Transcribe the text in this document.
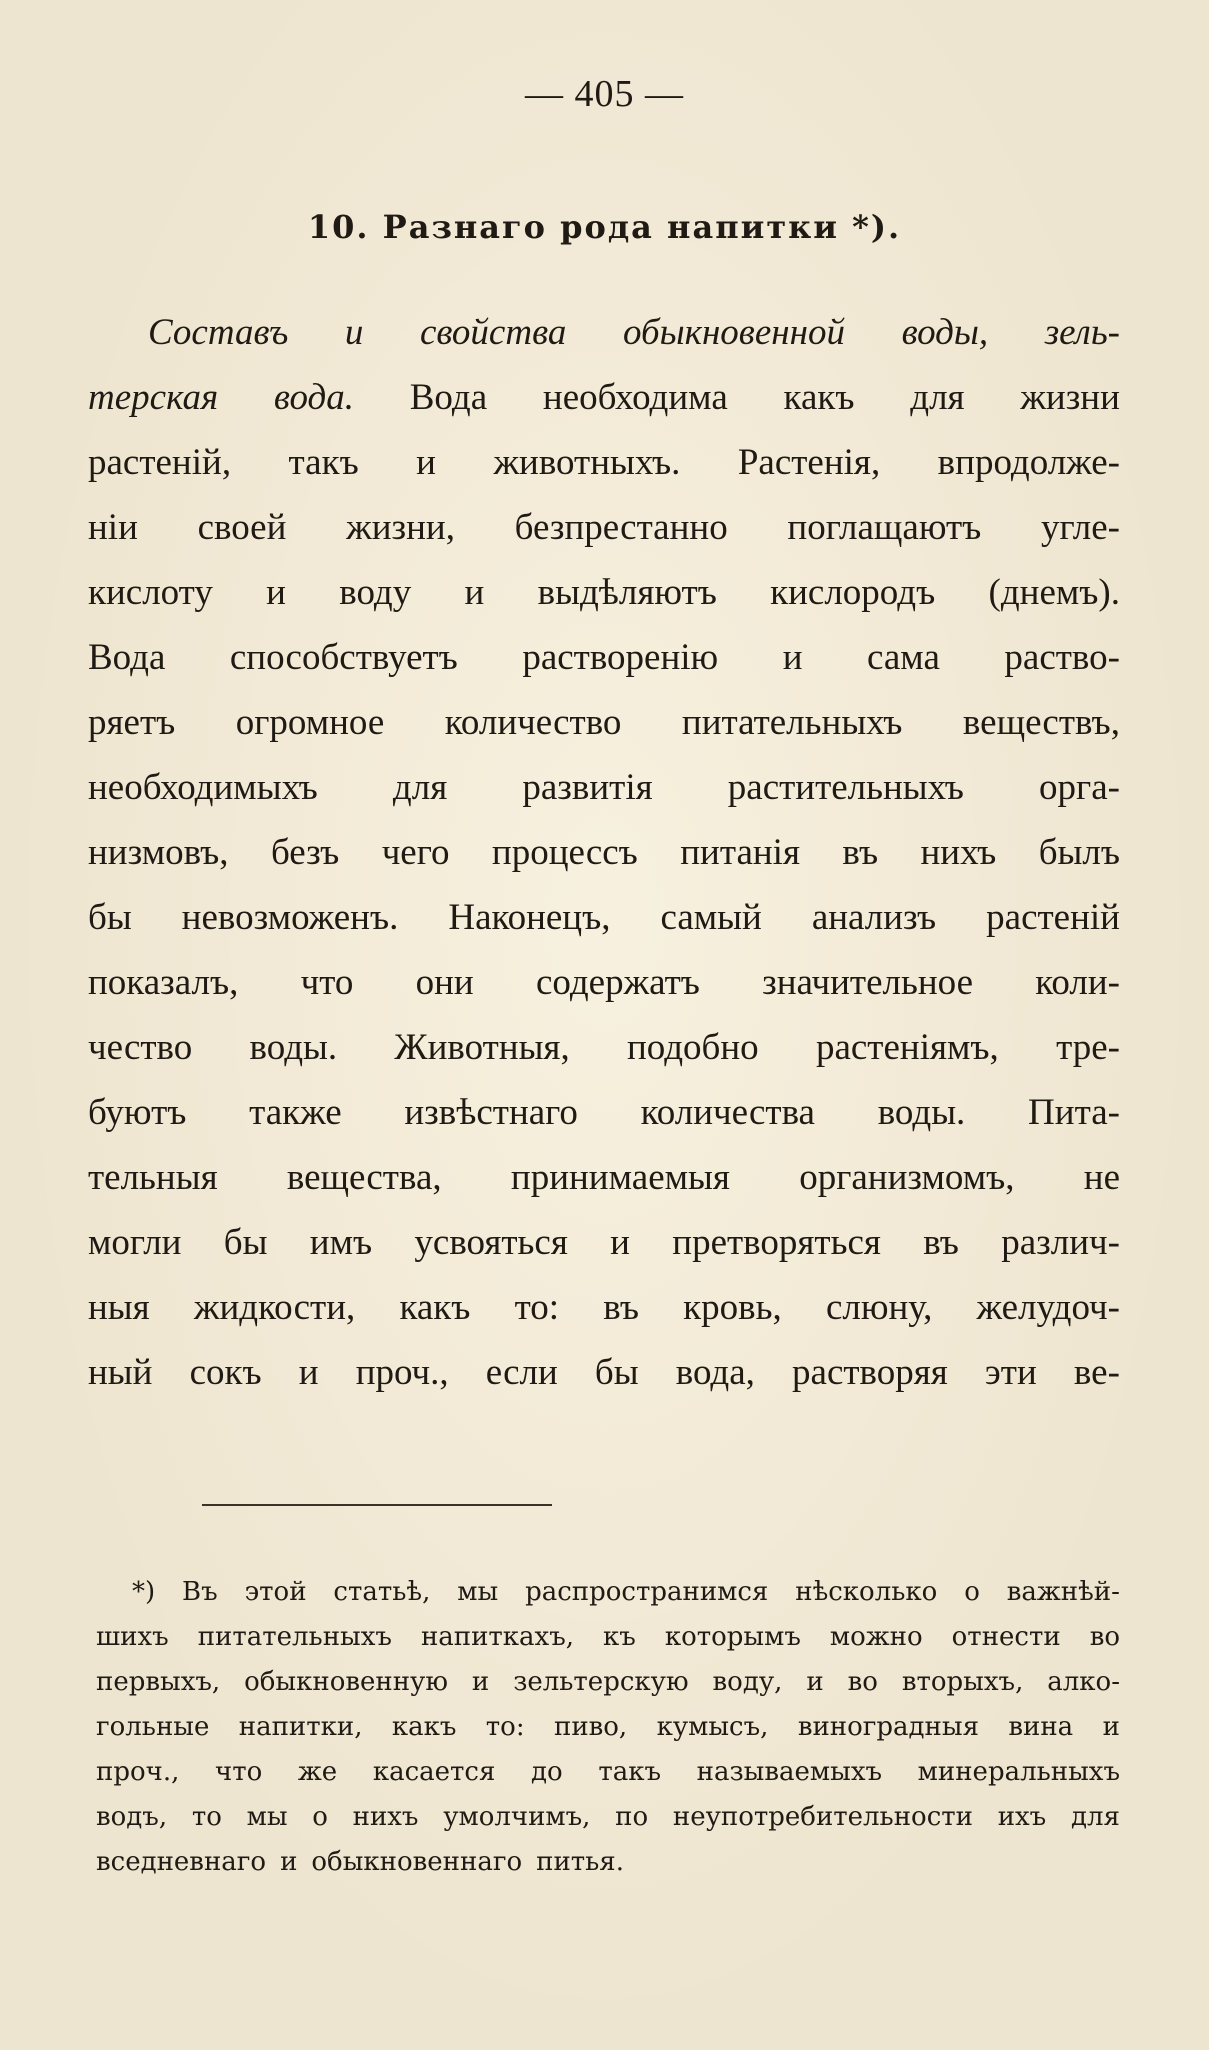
— 405 —
10. Разнаго рода напитки *).
Составъ и свойства обыкновенной воды, зель-
терская вода. Вода необходима какъ для жизни
растеній, такъ и животныхъ. Растенія, впродолже-
ніи своей жизни, безпрестанно поглащаютъ угле-
кислоту и воду и выдѣляютъ кислородъ (днемъ).
Вода способствуетъ растворенію и сама раство-
ряетъ огромное количество питательныхъ веществъ,
необходимыхъ для развитія растительныхъ орга-
низмовъ, безъ чего процессъ питанія въ нихъ былъ
бы невозможенъ. Наконецъ, самый анализъ растеній
показалъ, что они содержатъ значительное коли-
чество воды. Животныя, подобно растеніямъ, тре-
буютъ также извѣстнаго количества воды. Пита-
тельныя вещества, принимаемыя организмомъ, не
могли бы имъ усвояться и претворяться въ различ-
ныя жидкости, какъ то: въ кровь, слюну, желудоч-
ный сокъ и проч., если бы вода, растворяя эти ве-
*) Въ этой статьѣ, мы распространимся нѣсколько о важнѣй-
шихъ питательныхъ напиткахъ, къ которымъ можно отнести во
первыхъ, обыкновенную и зельтерскую воду, и во вторыхъ, алко-
гольные напитки, какъ то: пиво, кумысъ, виноградныя вина и
проч., что же касается до такъ называемыхъ минеральныхъ
водъ, то мы о нихъ умолчимъ, по неупотребительности ихъ для
вседневнаго и обыкновеннаго питья.
